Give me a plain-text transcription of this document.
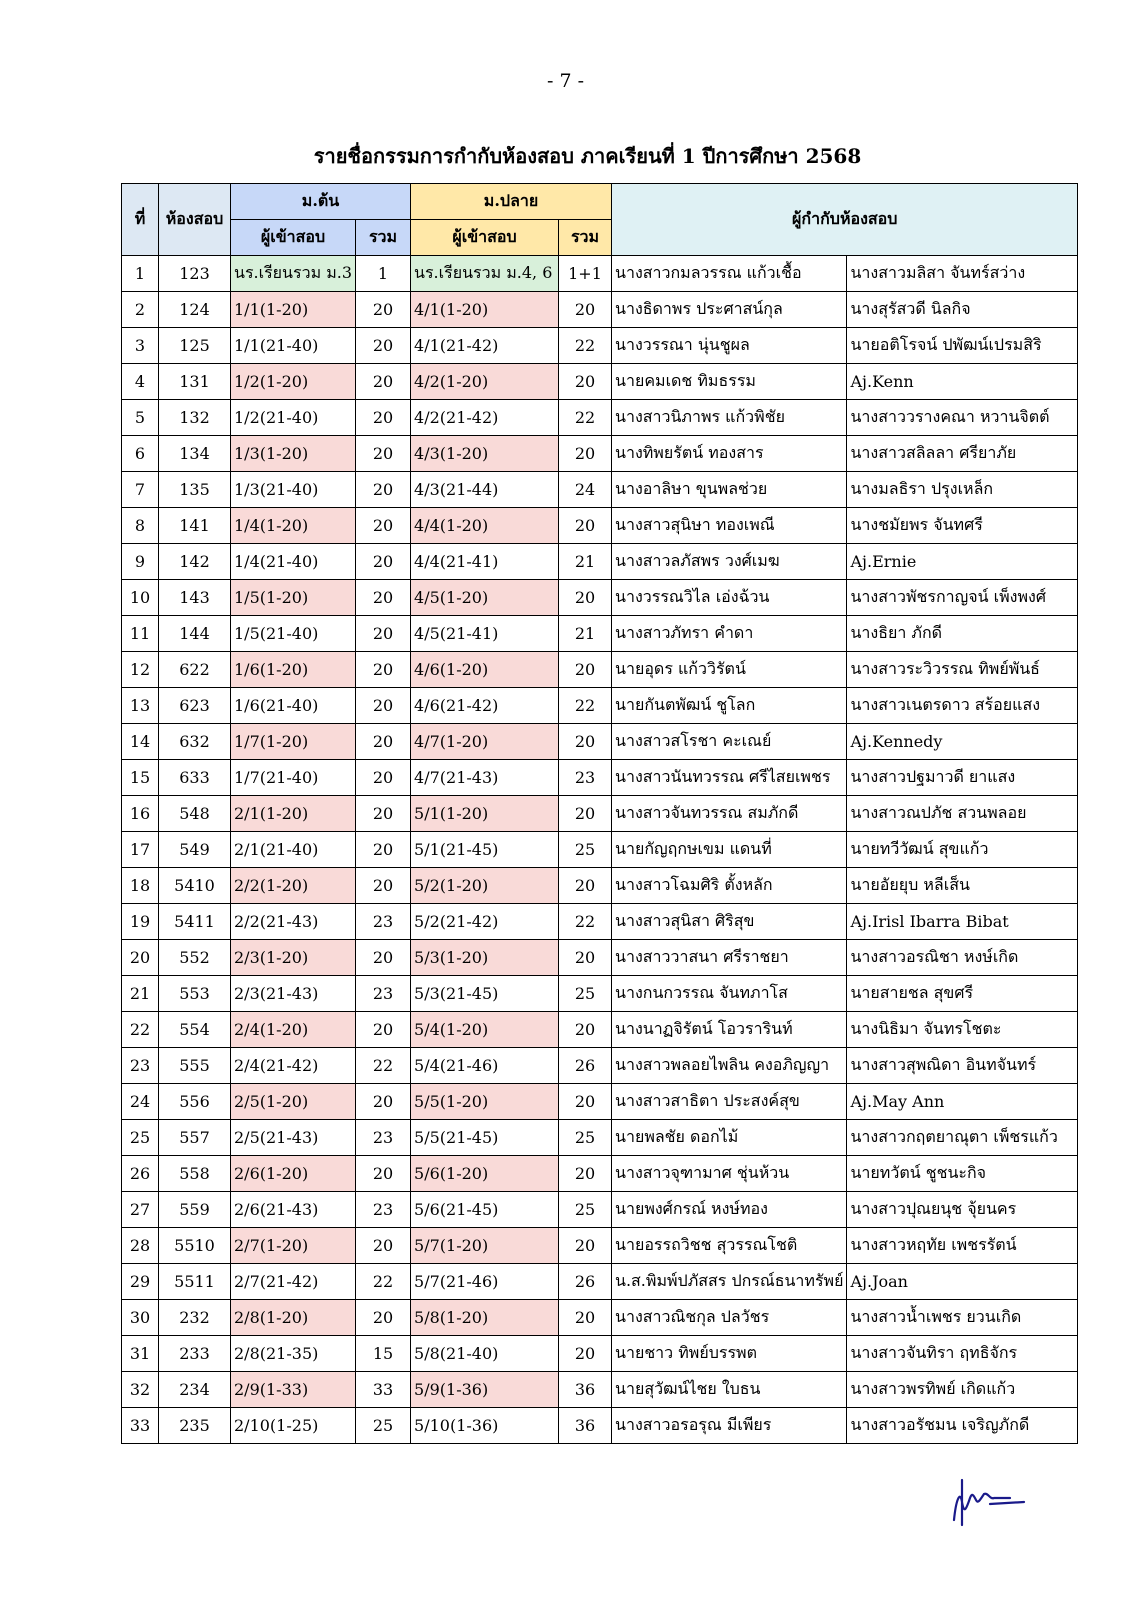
- 7 -
รายชื่อกรรมการกำกับห้องสอบ ภาคเรียนที่ 1 ปีการศึกษา 2568
ที่	ห้องสอบ	ม.ต้น		ม.ปลาย		ผู้กำกับห้องสอบ	
		ผู้เข้าสอบ	รวม	ผู้เข้าสอบ	รวม		
1	123	นร.เรียนรวม ม.3	1	นร.เรียนรวม ม.4, 6	1+1	นางสาวกมลวรรณ แก้วเชื้อ	นางสาวมลิสา จันทร์สว่าง
2	124	1/1(1-20)	20	4/1(1-20)	20	นางธิดาพร ประศาสน์กุล	นางสุรัสวดี นิลกิจ
3	125	1/1(21-40)	20	4/1(21-42)	22	นางวรรณา นุ่นชูผล	นายอติโรจน์ ปพัฒน์เปรมสิริ
4	131	1/2(1-20)	20	4/2(1-20)	20	นายคมเดช ทิมธรรม	Aj.Kenn
5	132	1/2(21-40)	20	4/2(21-42)	22	นางสาวนิภาพร แก้วพิชัย	นางสาววรางคณา หวานจิตต์
6	134	1/3(1-20)	20	4/3(1-20)	20	นางทิพยรัตน์ ทองสาร	นางสาวสลิลลา ศรียาภัย
7	135	1/3(21-40)	20	4/3(21-44)	24	นางอาลิษา ขุนพลช่วย	นางมลธิรา ปรุงเหล็ก
8	141	1/4(1-20)	20	4/4(1-20)	20	นางสาวสุนิษา ทองเพณี	นางชมัยพร จันทศรี
9	142	1/4(21-40)	20	4/4(21-41)	21	นางสาวลภัสพร วงศ์เมฆ	Aj.Ernie
10	143	1/5(1-20)	20	4/5(1-20)	20	นางวรรณวิไล เอ่งฉ้วน	นางสาวพัชรกาญจน์ เพ็งพงศ์
11	144	1/5(21-40)	20	4/5(21-41)	21	นางสาวภัทรา คำดา	นางธิยา ภักดี
12	622	1/6(1-20)	20	4/6(1-20)	20	นายอุดร แก้ววิรัตน์	นางสาวระวิวรรณ ทิพย์พันธ์
13	623	1/6(21-40)	20	4/6(21-42)	22	นายกันตพัฒน์ ชูโลก	นางสาวเนตรดาว สร้อยแสง
14	632	1/7(1-20)	20	4/7(1-20)	20	นางสาวสโรชา คะเณย์	Aj.Kennedy
15	633	1/7(21-40)	20	4/7(21-43)	23	นางสาวนันทวรรณ ศรีไสยเพชร	นางสาวปฐมาวดี ยาแสง
16	548	2/1(1-20)	20	5/1(1-20)	20	นางสาวจันทวรรณ สมภักดี	นางสาวณปภัช สวนพลอย
17	549	2/1(21-40)	20	5/1(21-45)	25	นายกัญฤกษเขม แดนที่	นายทวีวัฒน์ สุขแก้ว
18	5410	2/2(1-20)	20	5/2(1-20)	20	นางสาวโฉมศิริ ตั้งหลัก	นายอัยยุบ หลีเส็น
19	5411	2/2(21-43)	23	5/2(21-42)	22	นางสาวสุนิสา ศิริสุข	Aj.Irisl Ibarra Bibat
20	552	2/3(1-20)	20	5/3(1-20)	20	นางสาววาสนา ศรีราชยา	นางสาวอรณิชา หงษ์เกิด
21	553	2/3(21-43)	23	5/3(21-45)	25	นางกนกวรรณ จันทภาโส	นายสายชล สุขศรี
22	554	2/4(1-20)	20	5/4(1-20)	20	นางนาฏจิรัตน์ โอวรารินท์	นางนิธิมา จันทรโชตะ
23	555	2/4(21-42)	22	5/4(21-46)	26	นางสาวพลอยไพลิน คงอภิญญา	นางสาวสุพณิดา อินทจันทร์
24	556	2/5(1-20)	20	5/5(1-20)	20	นางสาวสาธิตา ประสงค์สุข	Aj.May Ann
25	557	2/5(21-43)	23	5/5(21-45)	25	นายพลชัย ดอกไม้	นางสาวกฤตยาณุตา เพ็ชรแก้ว
26	558	2/6(1-20)	20	5/6(1-20)	20	นางสาวจุฑามาศ ชุ่นห้วน	นายทวัตน์ ชูชนะกิจ
27	559	2/6(21-43)	23	5/6(21-45)	25	นายพงศ์กรณ์ หงษ์ทอง	นางสาวปุณยนุช จุ้ยนคร
28	5510	2/7(1-20)	20	5/7(1-20)	20	นายอรรถวิชช สุวรรณโชติ	นางสาวหฤทัย เพชรรัตน์
29	5511	2/7(21-42)	22	5/7(21-46)	26	น.ส.พิมพ์ปภัสสร ปกรณ์ธนาทรัพย์	Aj.Joan
30	232	2/8(1-20)	20	5/8(1-20)	20	นางสาวณิชกุล ปลวัชร	นางสาวน้ำเพชร ยวนเกิด
31	233	2/8(21-35)	15	5/8(21-40)	20	นายชาว ทิพย์บรรพต	นางสาวจันทิรา ฤทธิจักร
32	234	2/9(1-33)	33	5/9(1-36)	36	นายสุวัฒน์ไชย ใบธน	นางสาวพรทิพย์ เกิดแก้ว
33	235	2/10(1-25)	25	5/10(1-36)	36	นางสาวอรอรุณ มีเพียร	นางสาวอรัชมน เจริญภักดี
